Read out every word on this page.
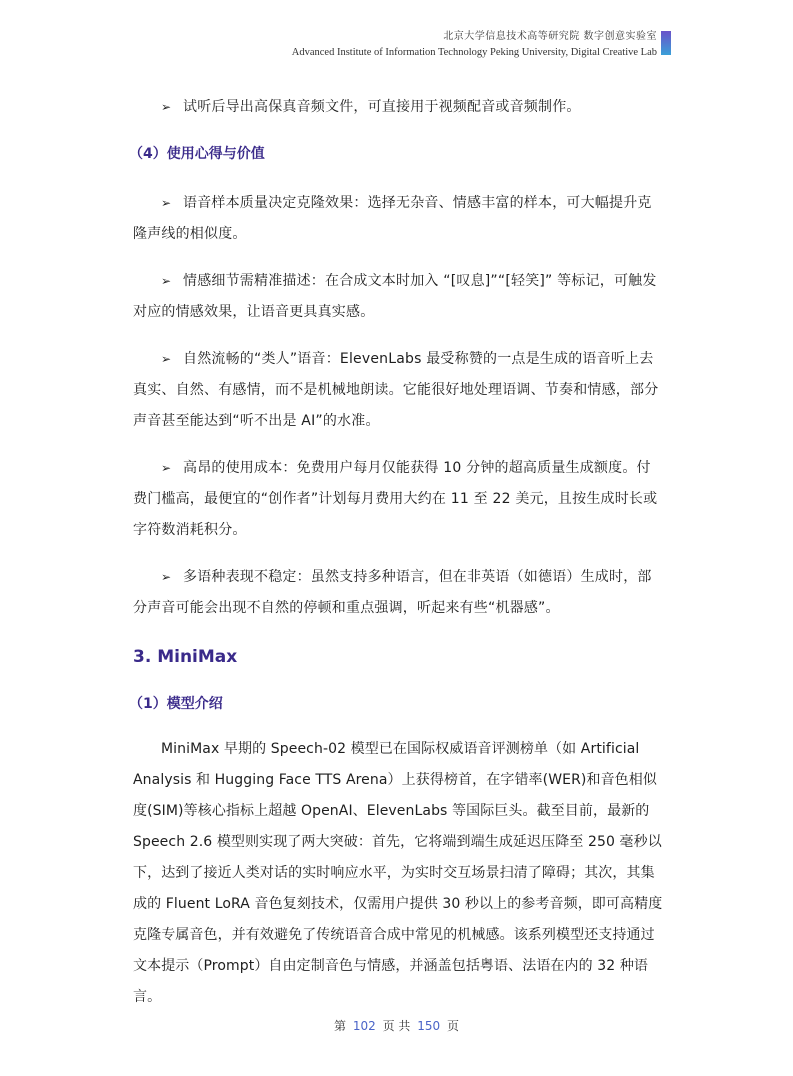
北京大学信息技术高等研究院 数字创意实验室
Advanced Institute of Information Technology Peking University, Digital Creative Lab
➢ 试听后导出高保真音频文件，可直接用于视频配音或音频制作。
（4）使用心得与价值
➢ 语音样本质量决定克隆效果：选择无杂音、情感丰富的样本，可大幅提升克隆声线的相似度。
➢ 情感细节需精准描述：在合成文本时加入 “[叹息]”“[轻笑]” 等标记，可触发对应的情感效果，让语音更具真实感。
➢ 自然流畅的“类人”语音：ElevenLabs 最受称赞的一点是生成的语音听上去真实、自然、有感情，而不是机械地朗读。它能很好地处理语调、节奏和情感，部分声音甚至能达到“听不出是 AI”的水准。
➢ 高昂的使用成本：免费用户每月仅能获得 10 分钟的超高质量生成额度。付费门槛高，最便宜的“创作者”计划每月费用大约在 11 至 22 美元，且按生成时长或字符数消耗积分。
➢ 多语种表现不稳定：虽然支持多种语言，但在非英语（如德语）生成时，部分声音可能会出现不自然的停顿和重点强调，听起来有些“机器感”。
3. MiniMax
（1）模型介绍
MiniMax 早期的 Speech-02 模型已在国际权威语音评测榜单（如 Artificial Analysis 和 Hugging Face TTS Arena）上获得榜首，在字错率(WER)和音色相似度(SIM)等核心指标上超越 OpenAI、ElevenLabs 等国际巨头。截至目前，最新的 Speech 2.6 模型则实现了两大突破：首先，它将端到端生成延迟压降至 250 毫秒以下，达到了接近人类对话的实时响应水平，为实时交互场景扫清了障碍；其次，其集成的 Fluent LoRA 音色复刻技术，仅需用户提供 30 秒以上的参考音频，即可高精度克隆专属音色，并有效避免了传统语音合成中常见的机械感。该系列模型还支持通过文本提示（Prompt）自由定制音色与情感，并涵盖包括粤语、法语在内的 32 种语言。
第 102 页 共 150 页
